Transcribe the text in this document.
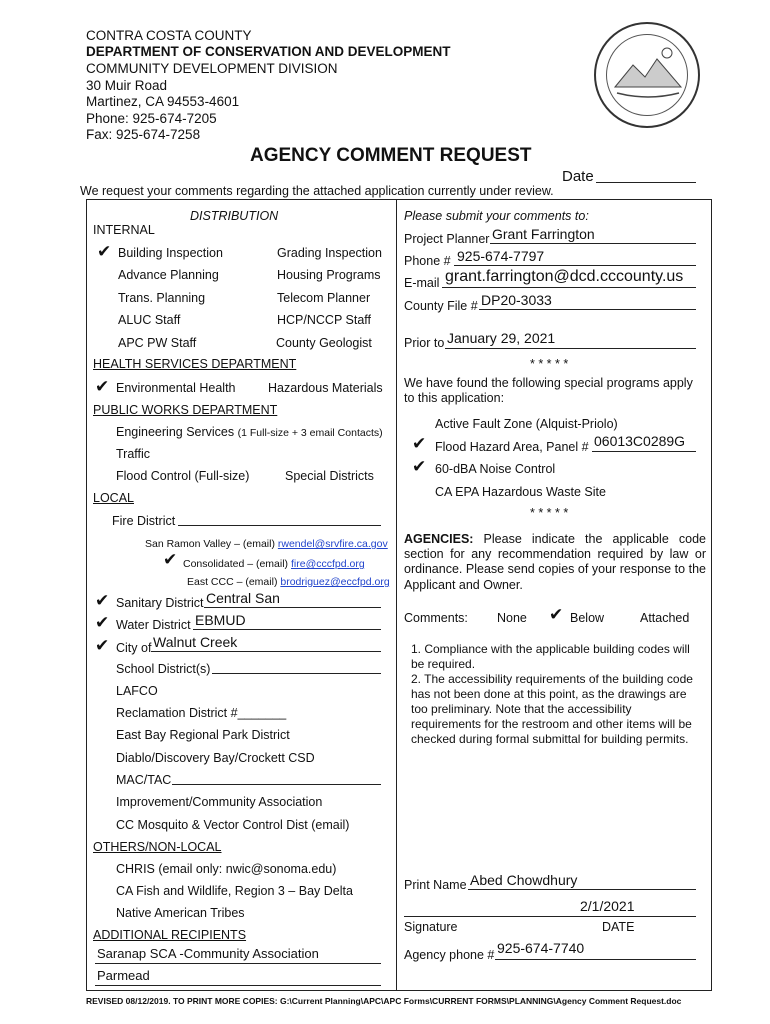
CONTRA COSTA COUNTY
DEPARTMENT OF CONSERVATION AND DEVELOPMENT
COMMUNITY DEVELOPMENT DIVISION
30 Muir Road
Martinez, CA 94553-4601
Phone: 925-674-7205
Fax: 925-674-7258
AGENCY COMMENT REQUEST
Date
We request your comments regarding the attached application currently under review.
DISTRIBUTION
INTERNAL
✔ Building Inspection	Grading Inspection
Advance Planning	Housing Programs
Trans. Planning	Telecom Planner
ALUC Staff	HCP/NCCP Staff
APC PW Staff	County Geologist
HEALTH SERVICES DEPARTMENT
✔ Environmental Health	Hazardous Materials
PUBLIC WORKS DEPARTMENT
Engineering Services (1 Full-size + 3 email Contacts)
Traffic
Flood Control (Full-size)	Special Districts
LOCAL
Fire District
San Ramon Valley – (email) rwendel@srvfire.ca.gov
✔ Consolidated – (email) fire@cccfpd.org
East CCC – (email) brodriguez@eccfpd.org
✔ Sanitary District Central San
✔ Water District EBMUD
✔ City of Walnut Creek
School District(s)
LAFCO
Reclamation District #_______
East Bay Regional Park District
Diablo/Discovery Bay/Crockett CSD
MAC/TAC
Improvement/Community Association
CC Mosquito & Vector Control Dist (email)
OTHERS/NON-LOCAL
CHRIS (email only: nwic@sonoma.edu)
CA Fish and Wildlife, Region 3 – Bay Delta
Native American Tribes
ADDITIONAL RECIPIENTS
Saranap SCA -Community Association
Parmead
Please submit your comments to:
Project Planner Grant Farrington
Phone # 925-674-7797
E-mail grant.farrington@dcd.cccounty.us
County File # DP20-3033
Prior to January 29, 2021
* * * * *
We have found the following special programs apply to this application:
Active Fault Zone (Alquist-Priolo)
✔ Flood Hazard Area, Panel # 06013C0289G
✔ 60-dBA Noise Control
CA EPA Hazardous Waste Site
* * * * *
AGENCIES: Please indicate the applicable code section for any recommendation required by law or ordinance. Please send copies of your response to the Applicant and Owner.
Comments: None ✔ Below	Attached
1. Compliance with the applicable building codes will be required.
2. The accessibility requirements of the building code has not been done at this point, as the drawings are too preliminary. Note that the accessibility requirements for the restroom and other items will be checked during formal submittal for building permits.
Print Name Abed Chowdhury
2/1/2021
Signature	DATE
Agency phone # 925-674-7740
REVISED 08/12/2019. TO PRINT MORE COPIES: G:\Current Planning\APC\APC Forms\CURRENT FORMS\PLANNING\Agency Comment Request.doc
